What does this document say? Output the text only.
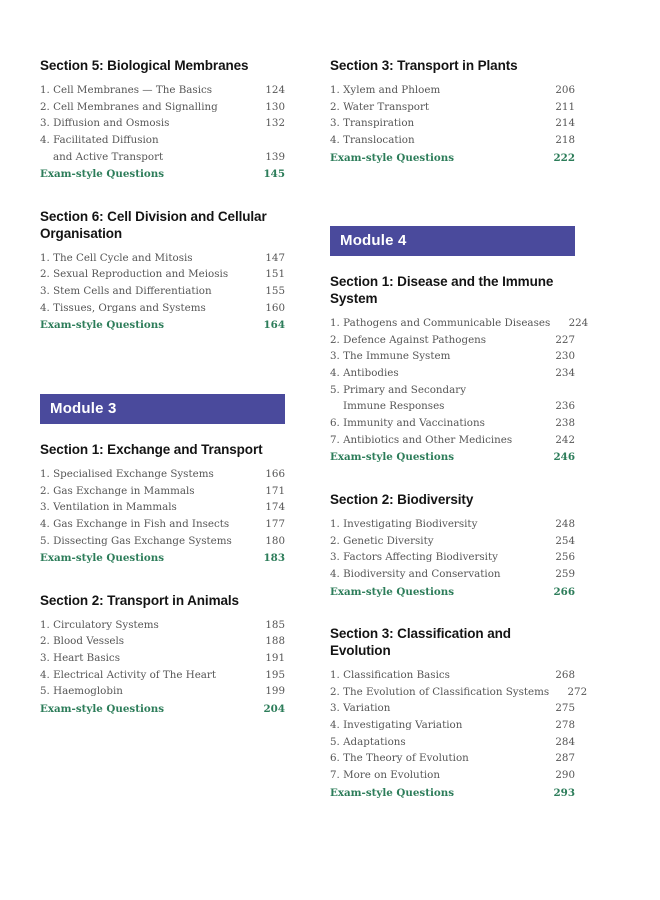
Section 5: Biological Membranes
1. Cell Membranes — The Basics	124
2. Cell Membranes and Signalling	130
3. Diffusion and Osmosis	132
4. Facilitated Diffusion
and Active Transport	139
Exam-style Questions	145
Section 6: Cell Division and Cellular Organisation
1. The Cell Cycle and Mitosis	147
2. Sexual Reproduction and Meiosis	151
3. Stem Cells and Differentiation	155
4. Tissues, Organs and Systems	160
Exam-style Questions	164
Module 3
Section 1: Exchange and Transport
1. Specialised Exchange Systems	166
2. Gas Exchange in Mammals	171
3. Ventilation in Mammals	174
4. Gas Exchange in Fish and Insects	177
5. Dissecting Gas Exchange Systems	180
Exam-style Questions	183
Section 2: Transport in Animals
1. Circulatory Systems	185
2. Blood Vessels	188
3. Heart Basics	191
4. Electrical Activity of The Heart	195
5. Haemoglobin	199
Exam-style Questions	204
Section 3: Transport in Plants
1. Xylem and Phloem	206
2. Water Transport	211
3. Transpiration	214
4. Translocation	218
Exam-style Questions	222
Module 4
Section 1: Disease and the Immune System
1. Pathogens and Communicable Diseases	224
2. Defence Against Pathogens	227
3. The Immune System	230
4. Antibodies	234
5. Primary and Secondary
Immune Responses	236
6. Immunity and Vaccinations	238
7. Antibiotics and Other Medicines	242
Exam-style Questions	246
Section 2: Biodiversity
1. Investigating Biodiversity	248
2. Genetic Diversity	254
3. Factors Affecting Biodiversity	256
4. Biodiversity and Conservation	259
Exam-style Questions	266
Section 3: Classification and Evolution
1. Classification Basics	268
2. The Evolution of Classification Systems	272
3. Variation	275
4. Investigating Variation	278
5. Adaptations	284
6. The Theory of Evolution	287
7. More on Evolution	290
Exam-style Questions	293
